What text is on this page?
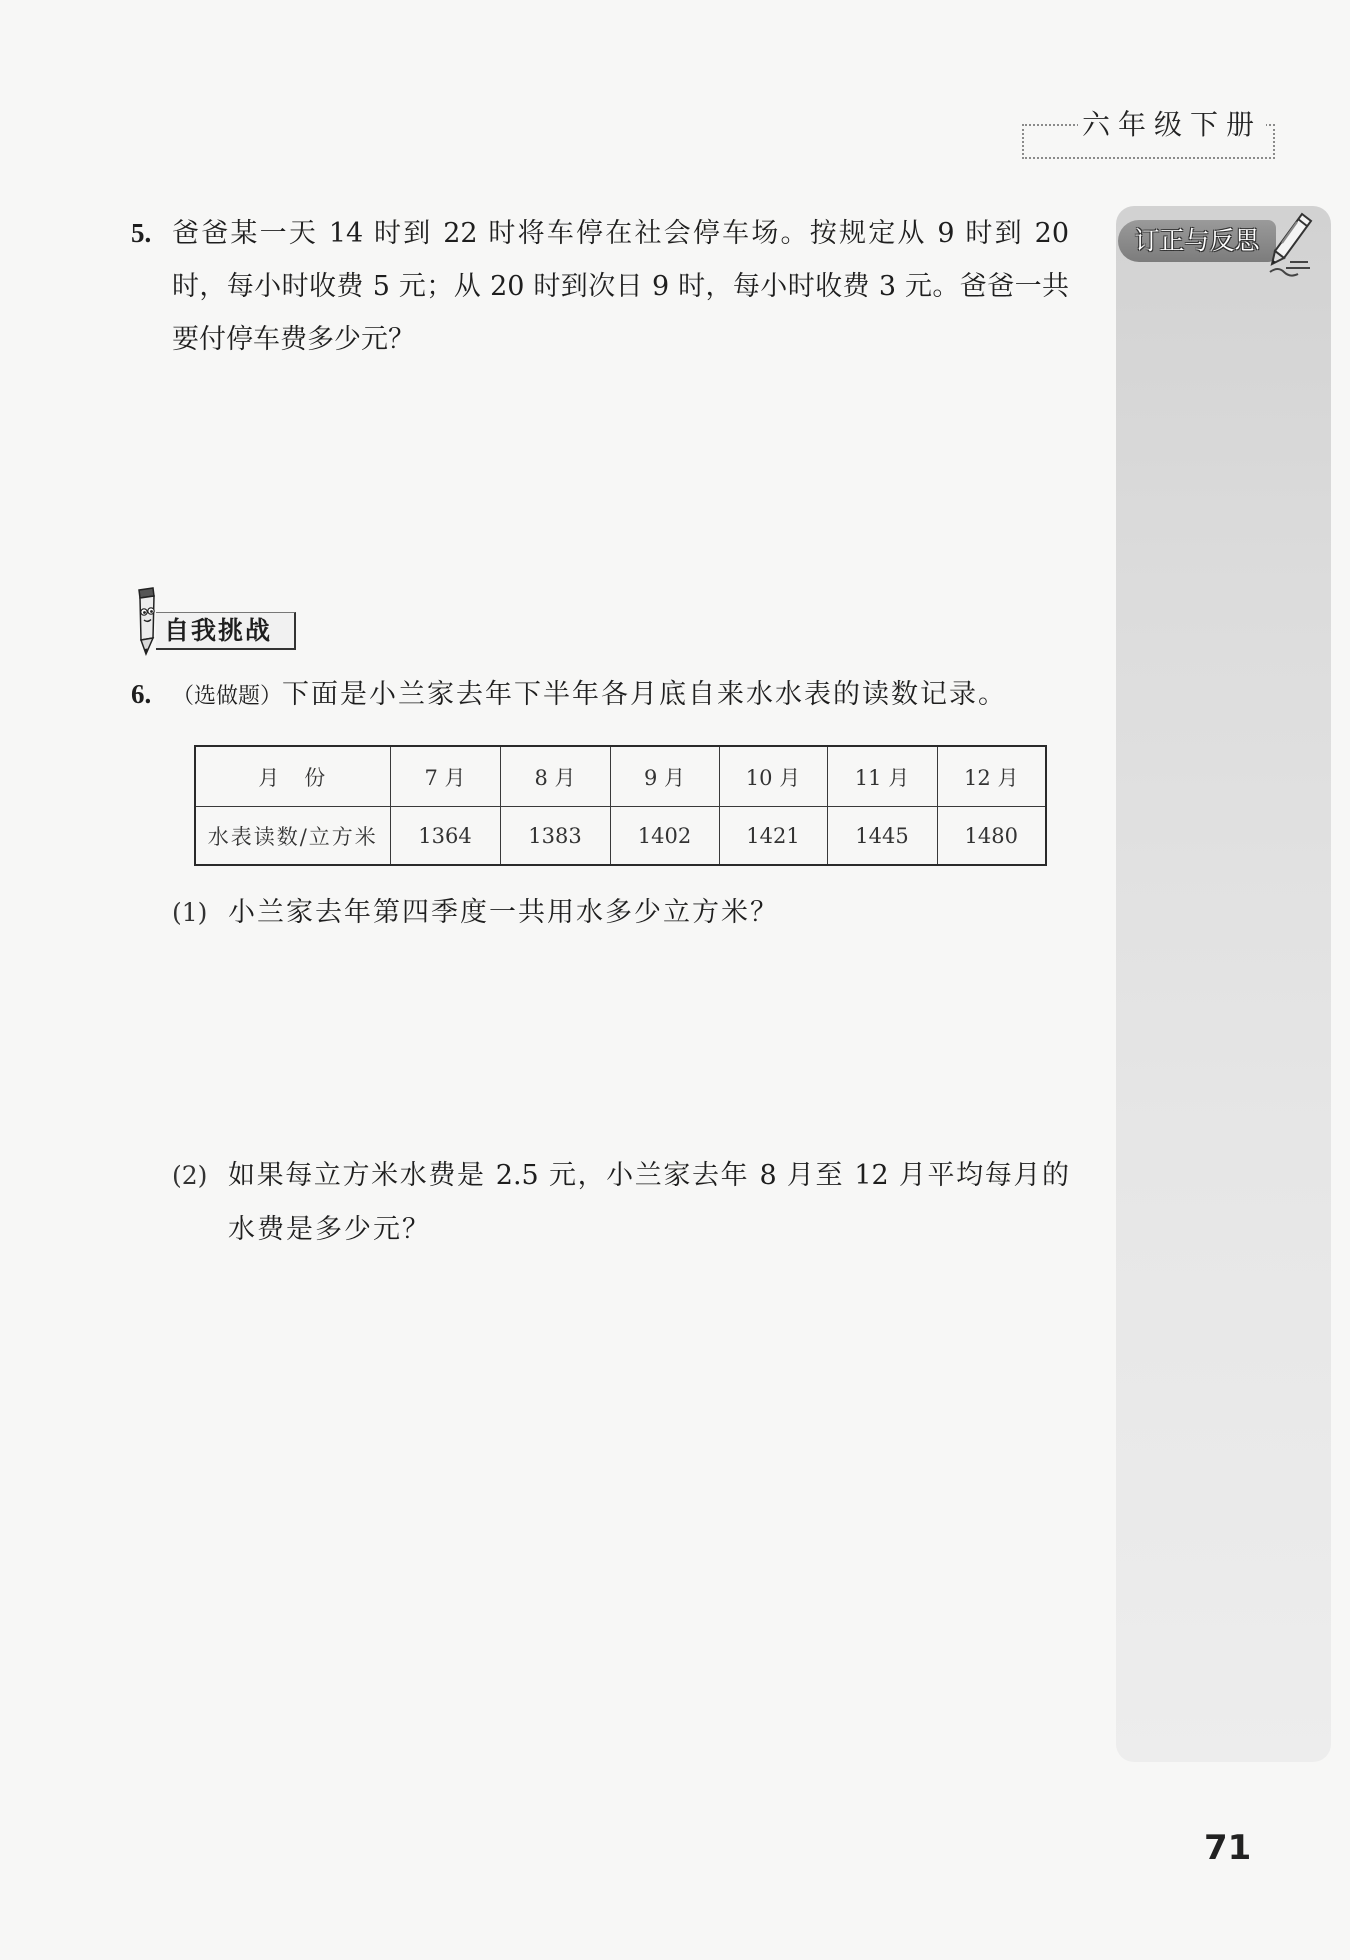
六年级下册
订正与反思
5. 爸爸某一天 14 时到 22 时将车停在社会停车场。按规定从 9 时到 20
时，每小时收费 5 元；从 20 时到次日 9 时，每小时收费 3 元。爸爸一共
要付停车费多少元？
自我挑战
6. （选做题）下面是小兰家去年下半年各月底自来水水表的读数记录。
月　份	7 月	8 月	9 月	10 月	11 月	12 月
水表读数/立方米	1364	1383	1402	1421	1445	1480
(1) 小兰家去年第四季度一共用水多少立方米？
(2) 如果每立方米水费是 2.5 元，小兰家去年 8 月至 12 月平均每月的
水费是多少元？
71
